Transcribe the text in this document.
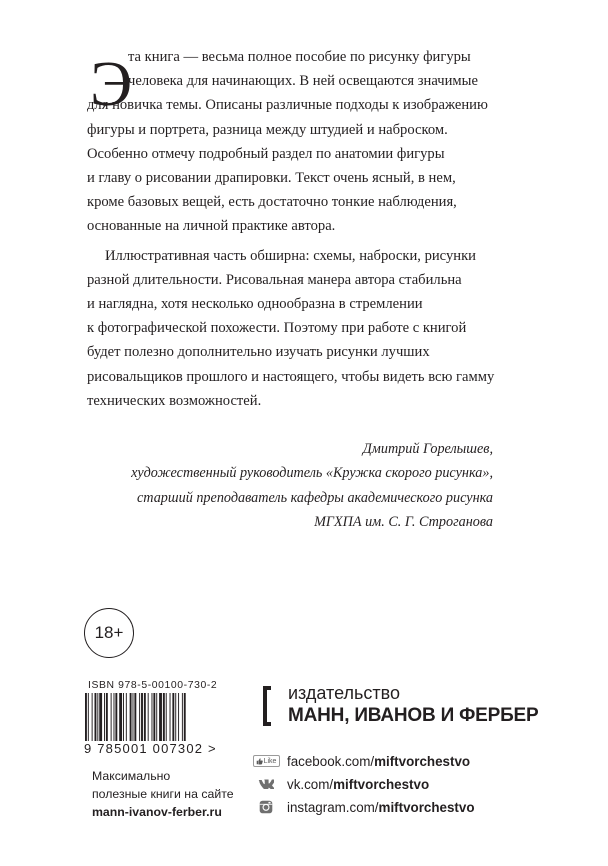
Э
та книга — весьма полное пособие по рисунку фигуры
человека для начинающих. В ней освещаются значимые
для новичка темы. Описаны различные подходы к изображению
фигуры и портрета, разница между штудией и наброском.
Особенно отмечу подробный раздел по анатомии фигуры
и главу о рисовании драпировки. Текст очень ясный, в нем,
кроме базовых вещей, есть достаточно тонкие наблюдения,
основанные на личной практике автора.
Иллюстративная часть обширна: схемы, наброски, рисунки
разной длительности. Рисовальная манера автора стабильна
и наглядна, хотя несколько однообразна в стремлении
к фотографической похожести. Поэтому при работе с книгой
будет полезно дополнительно изучать рисунки лучших
рисовальщиков прошлого и настоящего, чтобы видеть всю гамму
технических возможностей.
Дмитрий Горелышев,
художественный руководитель «Кружка скорого рисунка»,
старший преподаватель кафедры академического рисунка
МГХПА им. С. Г. Строганова
18+
ISBN 978-5-00100-730-2
9 785001 007302 >
Максимально
полезные книги на сайте
mann-ivanov-ferber.ru
издательство
МАНН, ИВАНОВ И ФЕРБЕР
Like facebook.com/ miftvorchestvo
vk.com/ miftvorchestvo
instagram.com/ miftvorchestvo
